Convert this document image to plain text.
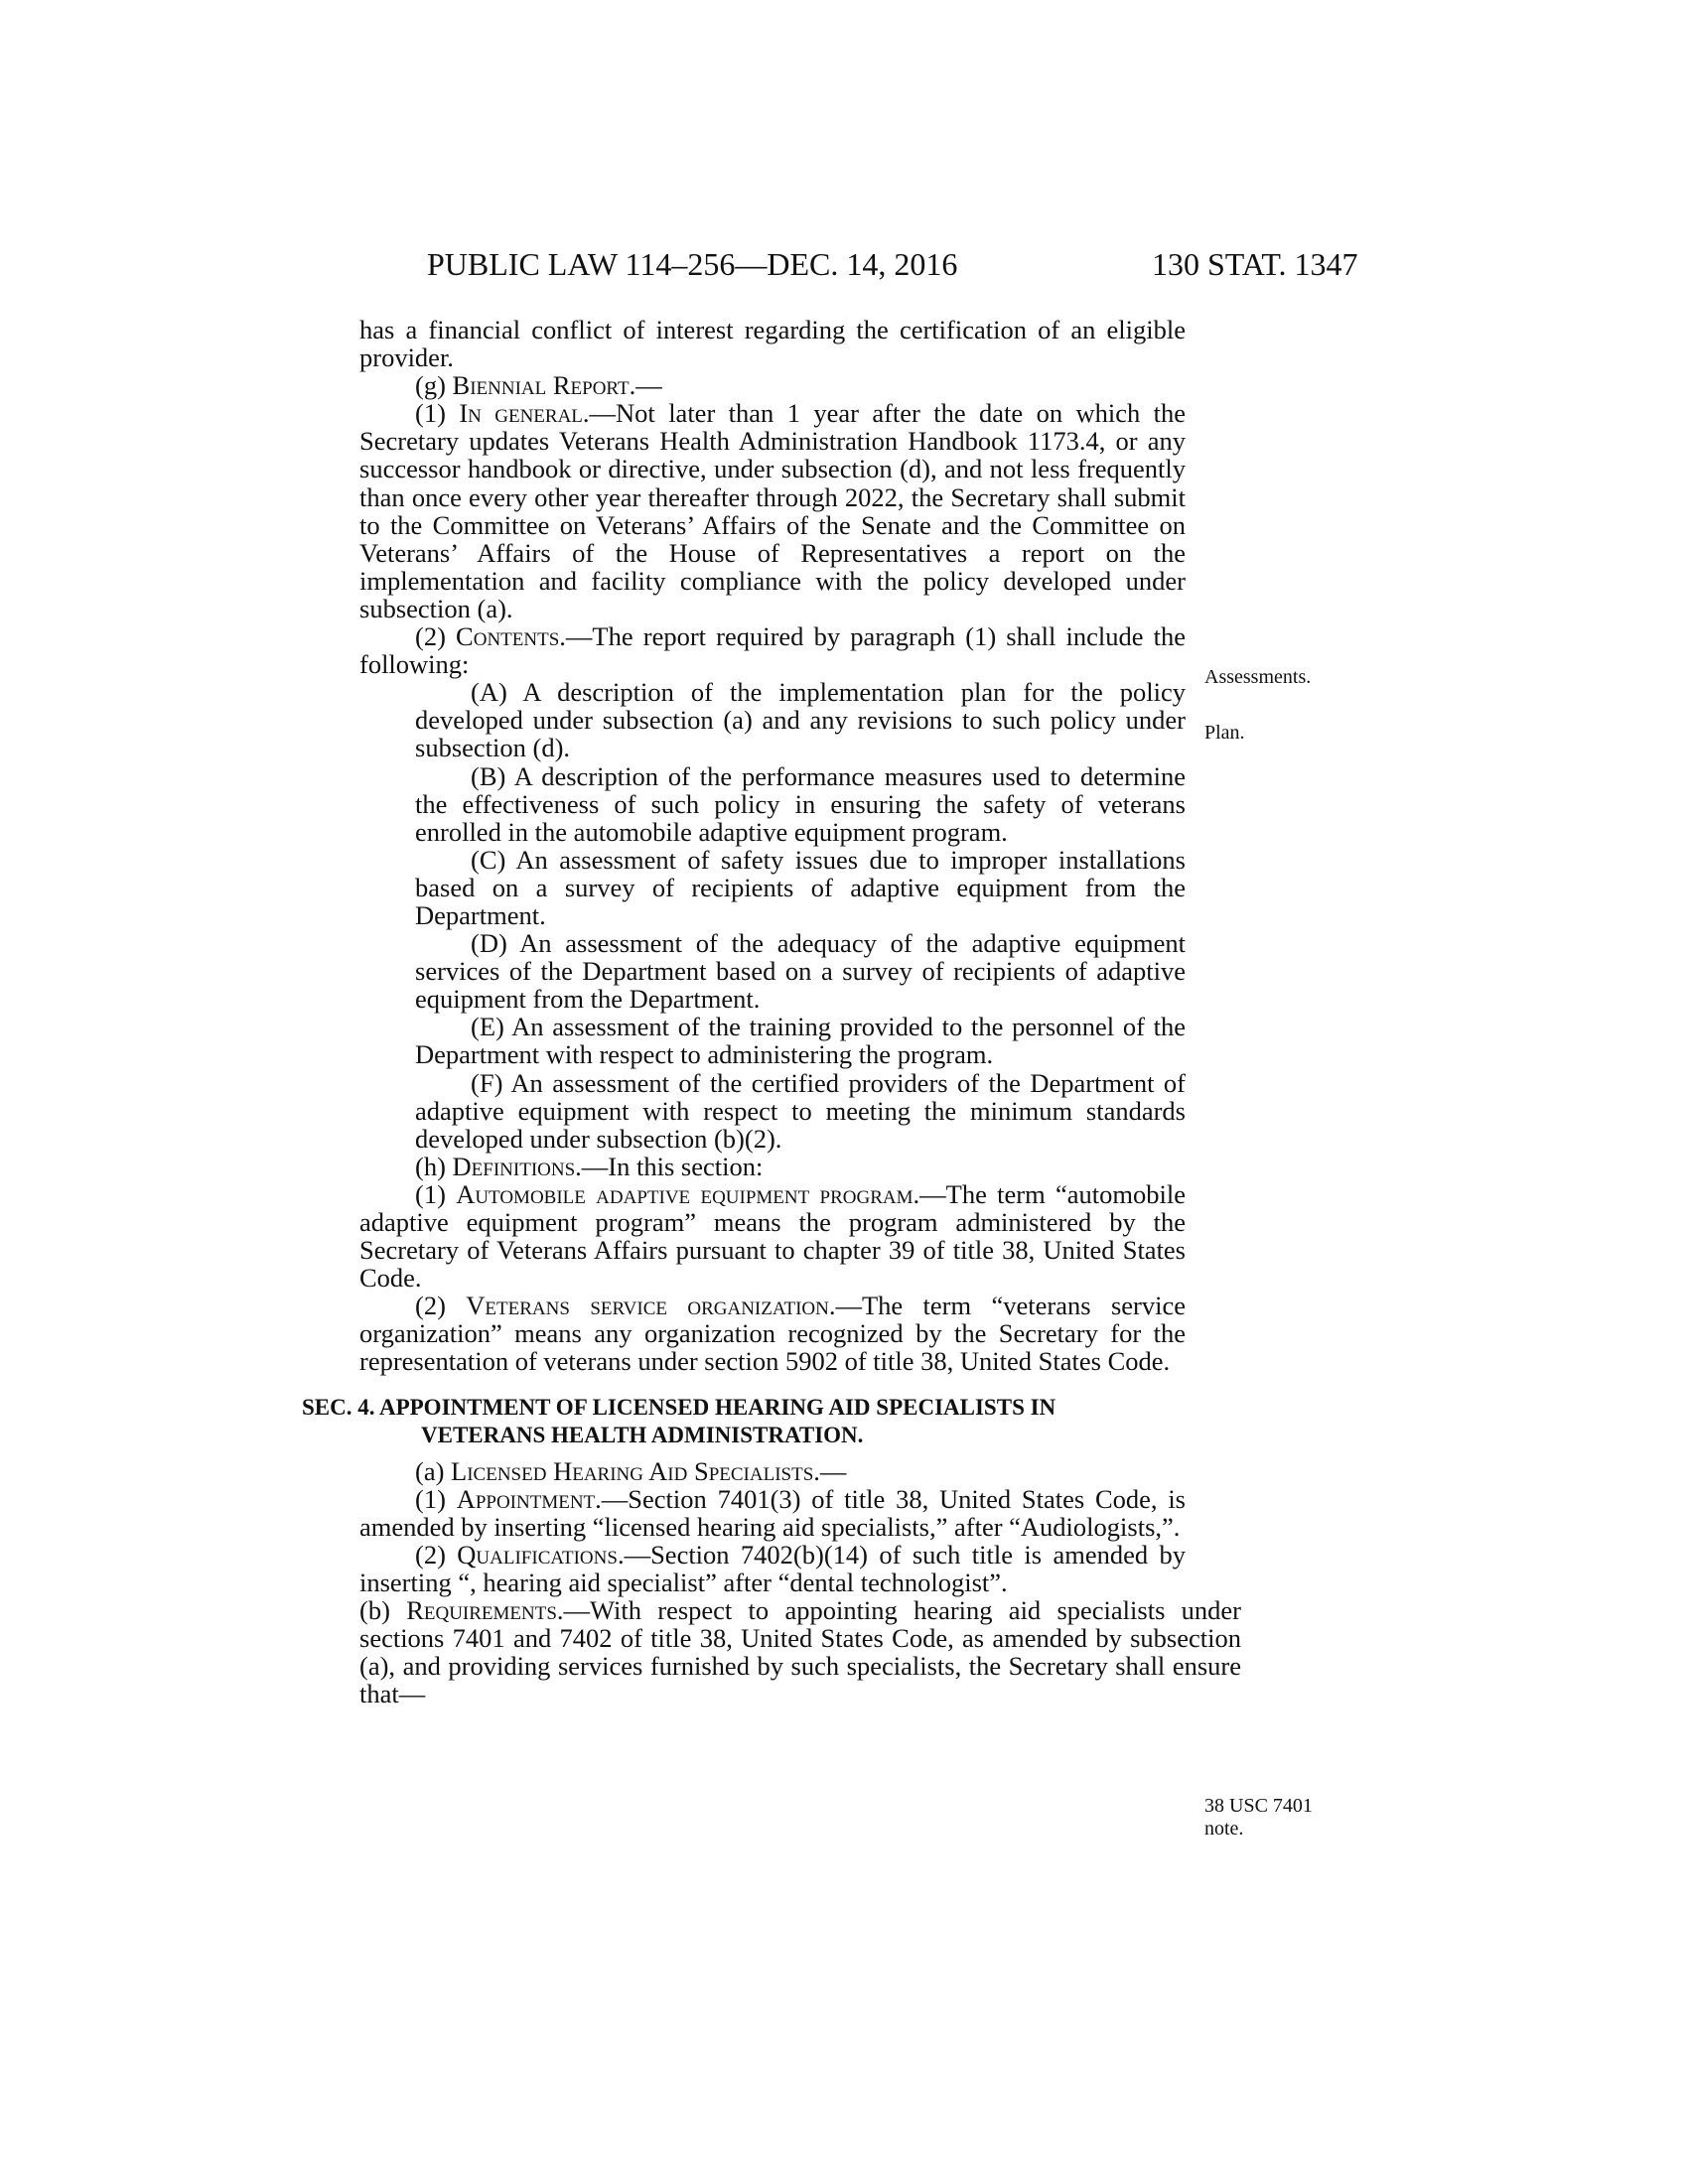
PUBLIC LAW 114–256—DEC. 14, 2016	130 STAT. 1347

has a financial conflict of interest regarding the certification of an eligible provider.

(g) Biennial Report.—

(1) In general.—Not later than 1 year after the date on which the Secretary updates Veterans Health Administration Handbook 1173.4, or any successor handbook or directive, under subsection (d), and not less frequently than once every other year thereafter through 2022, the Secretary shall submit to the Committee on Veterans’ Affairs of the Senate and the Committee on Veterans’ Affairs of the House of Representatives a report on the implementation and facility compliance with the policy developed under subsection (a).

(2) Contents.—The report required by paragraph (1) shall include the following:

(A) A description of the implementation plan for the policy developed under subsection (a) and any revisions to such policy under subsection (d).

(B) A description of the performance measures used to determine the effectiveness of such policy in ensuring the safety of veterans enrolled in the automobile adaptive equipment program.

(C) An assessment of safety issues due to improper installations based on a survey of recipients of adaptive equipment from the Department.

(D) An assessment of the adequacy of the adaptive equipment services of the Department based on a survey of recipients of adaptive equipment from the Department.

(E) An assessment of the training provided to the personnel of the Department with respect to administering the program.

(F) An assessment of the certified providers of the Department of adaptive equipment with respect to meeting the minimum standards developed under subsection (b)(2).

(h) Definitions.—In this section:

(1) Automobile adaptive equipment program.—The term “automobile adaptive equipment program” means the program administered by the Secretary of Veterans Affairs pursuant to chapter 39 of title 38, United States Code.

(2) Veterans service organization.—The term “veterans service organization” means any organization recognized by the Secretary for the representation of veterans under section 5902 of title 38, United States Code.

SEC. 4. APPOINTMENT OF LICENSED HEARING AID SPECIALISTS IN
VETERANS HEALTH ADMINISTRATION.

(a) Licensed Hearing Aid Specialists.—

(1) Appointment.—Section 7401(3) of title 38, United States Code, is amended by inserting “licensed hearing aid specialists,” after “Audiologists,”.

(2) Qualifications.—Section 7402(b)(14) of such title is amended by inserting “, hearing aid specialist” after “dental technologist”.

(b) Requirements.—With respect to appointing hearing aid specialists under sections 7401 and 7402 of title 38, United States Code, as amended by subsection (a), and providing services furnished by such specialists, the Secretary shall ensure that—

Assessments.
Plan.
38 USC 7401
note.
